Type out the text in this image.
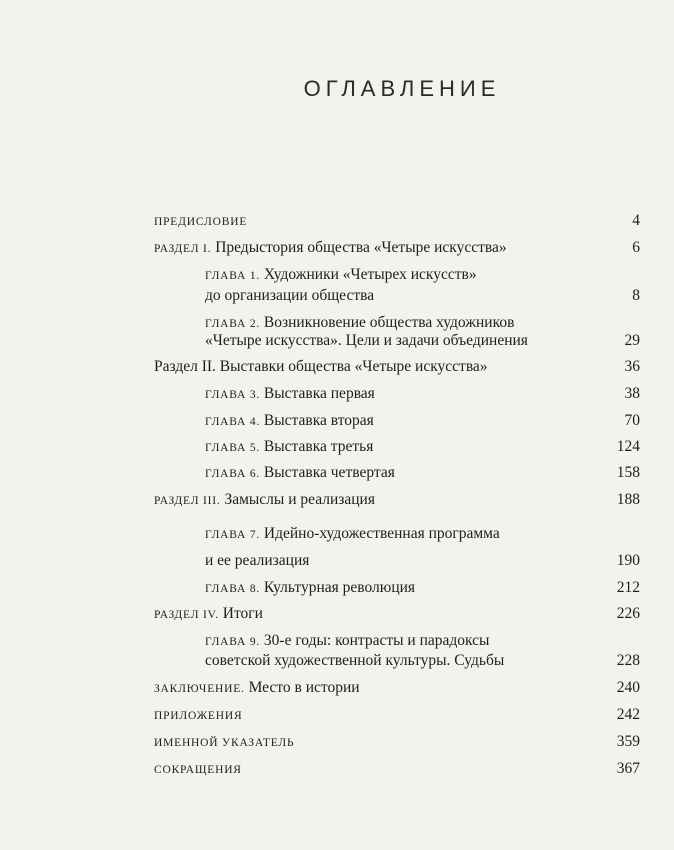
ОГЛАВЛЕНИЕ
ПРЕДИСЛОВИЕ	4
РАЗДЕЛ I. Предыстория общества «Четыре искусства»	6
ГЛАВА 1. Художники «Четырех искусств»
до организации общества	8
ГЛАВА 2. Возникновение общества художников
«Четыре искусства». Цели и задачи объединения	29
Раздел II. Выставки общества «Четыре искусства»	36
ГЛАВА 3. Выставка первая	38
ГЛАВА 4. Выставка вторая	70
ГЛАВА 5. Выставка третья	124
ГЛАВА 6. Выставка четвертая	158
РАЗДЕЛ III. Замыслы и реализация	188
ГЛАВА 7. Идейно-художественная программа
и ее реализация	190
ГЛАВА 8. Культурная революция	212
РАЗДЕЛ IV. Итоги	226
ГЛАВА 9. 30-е годы: контрасты и парадоксы
советской художественной культуры. Судьбы	228
ЗАКЛЮЧЕНИЕ. Место в истории	240
ПРИЛОЖЕНИЯ	242
ИМЕННОЙ УКАЗАТЕЛЬ	359
СОКРАЩЕНИЯ	367
